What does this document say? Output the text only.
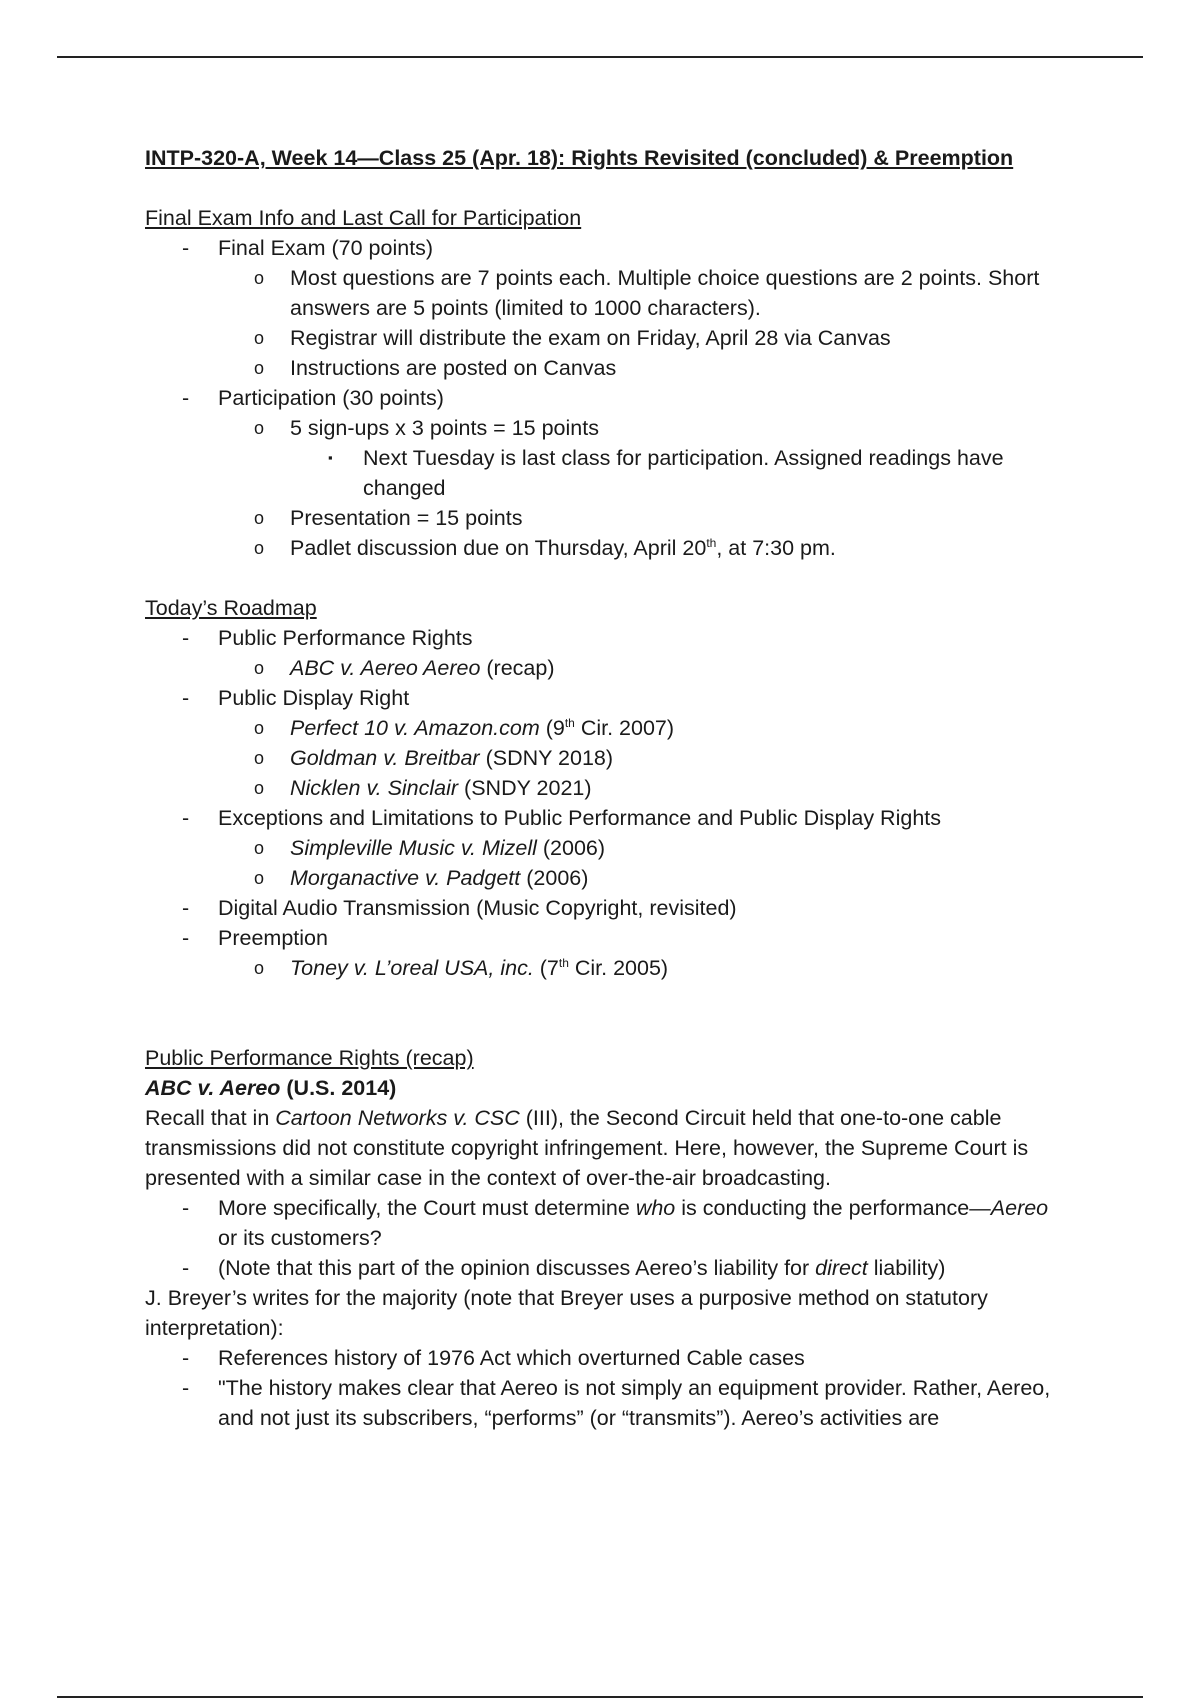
INTP-320-A, Week 14—Class 25 (Apr. 18): Rights Revisited (concluded) & Preemption
Final Exam Info and Last Call for Participation
- Final Exam (70 points)
o Most questions are 7 points each. Multiple choice questions are 2 points. Short
answers are 5 points (limited to 1000 characters).
o Registrar will distribute the exam on Friday, April 28 via Canvas
o Instructions are posted on Canvas
- Participation (30 points)
o 5 sign-ups x 3 points = 15 points
▪ Next Tuesday is last class for participation. Assigned readings have
changed
o Presentation = 15 points
o Padlet discussion due on Thursday, April 20th, at 7:30 pm.
Today’s Roadmap
- Public Performance Rights
o ABC v. Aereo Aereo (recap)
- Public Display Right
o Perfect 10 v. Amazon.com (9th Cir. 2007)
o Goldman v. Breitbar (SDNY 2018)
o Nicklen v. Sinclair (SNDY 2021)
- Exceptions and Limitations to Public Performance and Public Display Rights
o Simpleville Music v. Mizell (2006)
o Morganactive v. Padgett (2006)
- Digital Audio Transmission (Music Copyright, revisited)
- Preemption
o Toney v. L’oreal USA, inc. (7th Cir. 2005)
Public Performance Rights (recap)
ABC v. Aereo (U.S. 2014)
Recall that in Cartoon Networks v. CSC (III), the Second Circuit held that one-to-one cable
transmissions did not constitute copyright infringement. Here, however, the Supreme Court is
presented with a similar case in the context of over-the-air broadcasting.
- More specifically, the Court must determine who is conducting the performance—Aereo
or its customers?
- (Note that this part of the opinion discusses Aereo’s liability for direct liability)
J. Breyer’s writes for the majority (note that Breyer uses a purposive method on statutory
interpretation):
- References history of 1976 Act which overturned Cable cases
- "The history makes clear that Aereo is not simply an equipment provider. Rather, Aereo,
and not just its subscribers, “performs” (or “transmits”). Aereo’s activities are
